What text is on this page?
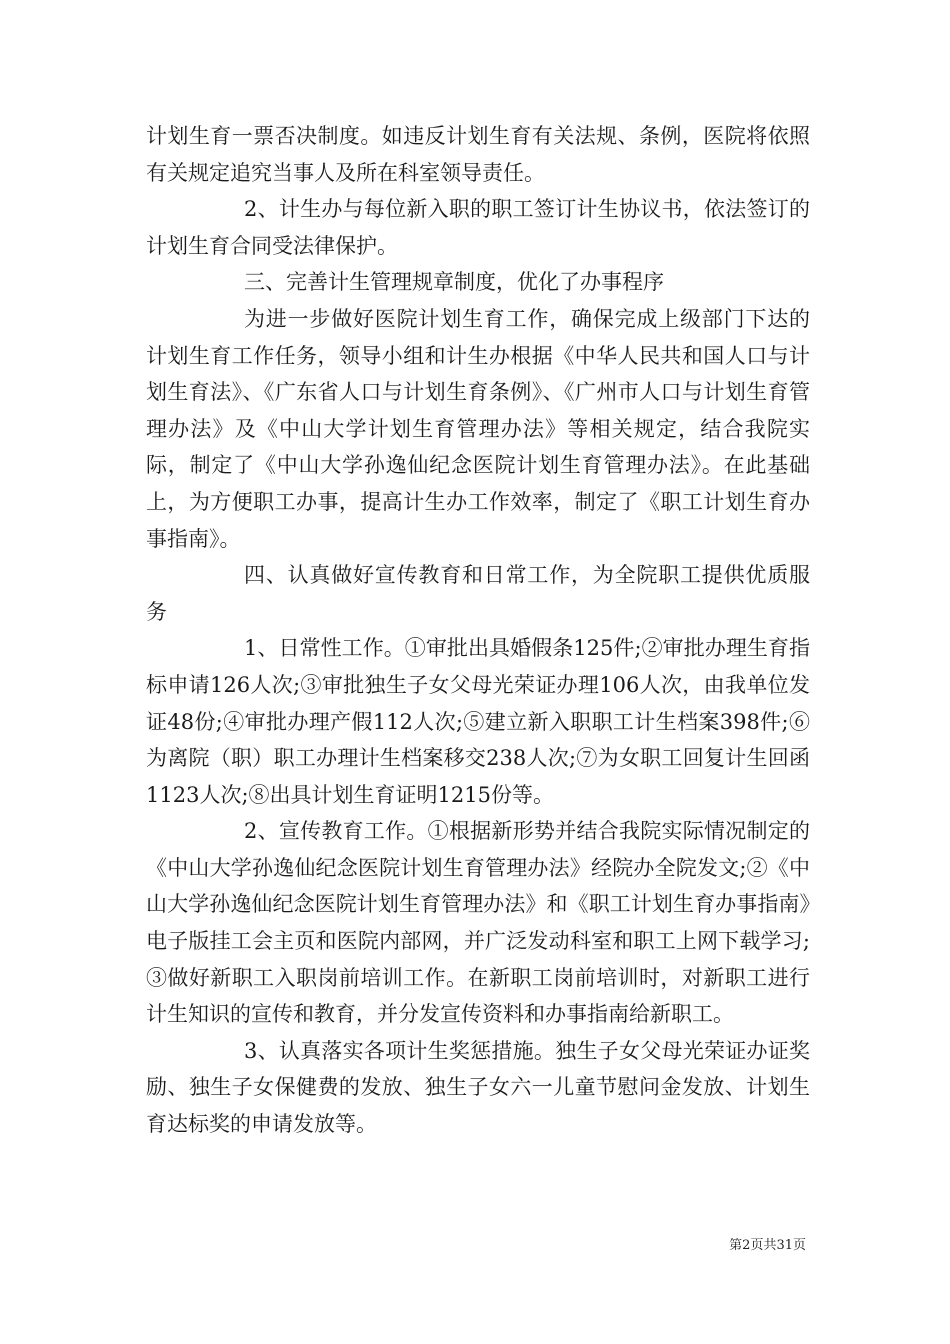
计划生育一票否决制度。如违反计划生育有关法规、条例，医院将依照有关规定追究当事人及所在科室领导责任。

2、计生办与每位新入职的职工签订计生协议书，依法签订的计划生育合同受法律保护。

三、完善计生管理规章制度，优化了办事程序

为进一步做好医院计划生育工作，确保完成上级部门下达的计划生育工作任务，领导小组和计生办根据《中华人民共和国人口与计划生育法》、《广东省人口与计划生育条例》、《广州市人口与计划生育管理办法》及《中山大学计划生育管理办法》等相关规定，结合我院实际，制定了《中山大学孙逸仙纪念医院计划生育管理办法》。在此基础上，为方便职工办事，提高计生办工作效率，制定了《职工计划生育办事指南》。

四、认真做好宣传教育和日常工作，为全院职工提供优质服务

1、日常性工作。①审批出具婚假条125件;②审批办理生育指标申请126人次;③审批独生子女父母光荣证办理106人次，由我单位发证48份;④审批办理产假112人次;⑤建立新入职职工计生档案398件;⑥为离院（职）职工办理计生档案移交238人次;⑦为女职工回复计生回函1123人次;⑧出具计划生育证明1215份等。

2、宣传教育工作。①根据新形势并结合我院实际情况制定的《中山大学孙逸仙纪念医院计划生育管理办法》经院办全院发文;②《中山大学孙逸仙纪念医院计划生育管理办法》和《职工计划生育办事指南》电子版挂工会主页和医院内部网，并广泛发动科室和职工上网下载学习;③做好新职工入职岗前培训工作。在新职工岗前培训时，对新职工进行计生知识的宣传和教育，并分发宣传资料和办事指南给新职工。

3、认真落实各项计生奖惩措施。独生子女父母光荣证办证奖励、独生子女保健费的发放、独生子女六一儿童节慰问金发放、计划生育达标奖的申请发放等。

第2页共31页
